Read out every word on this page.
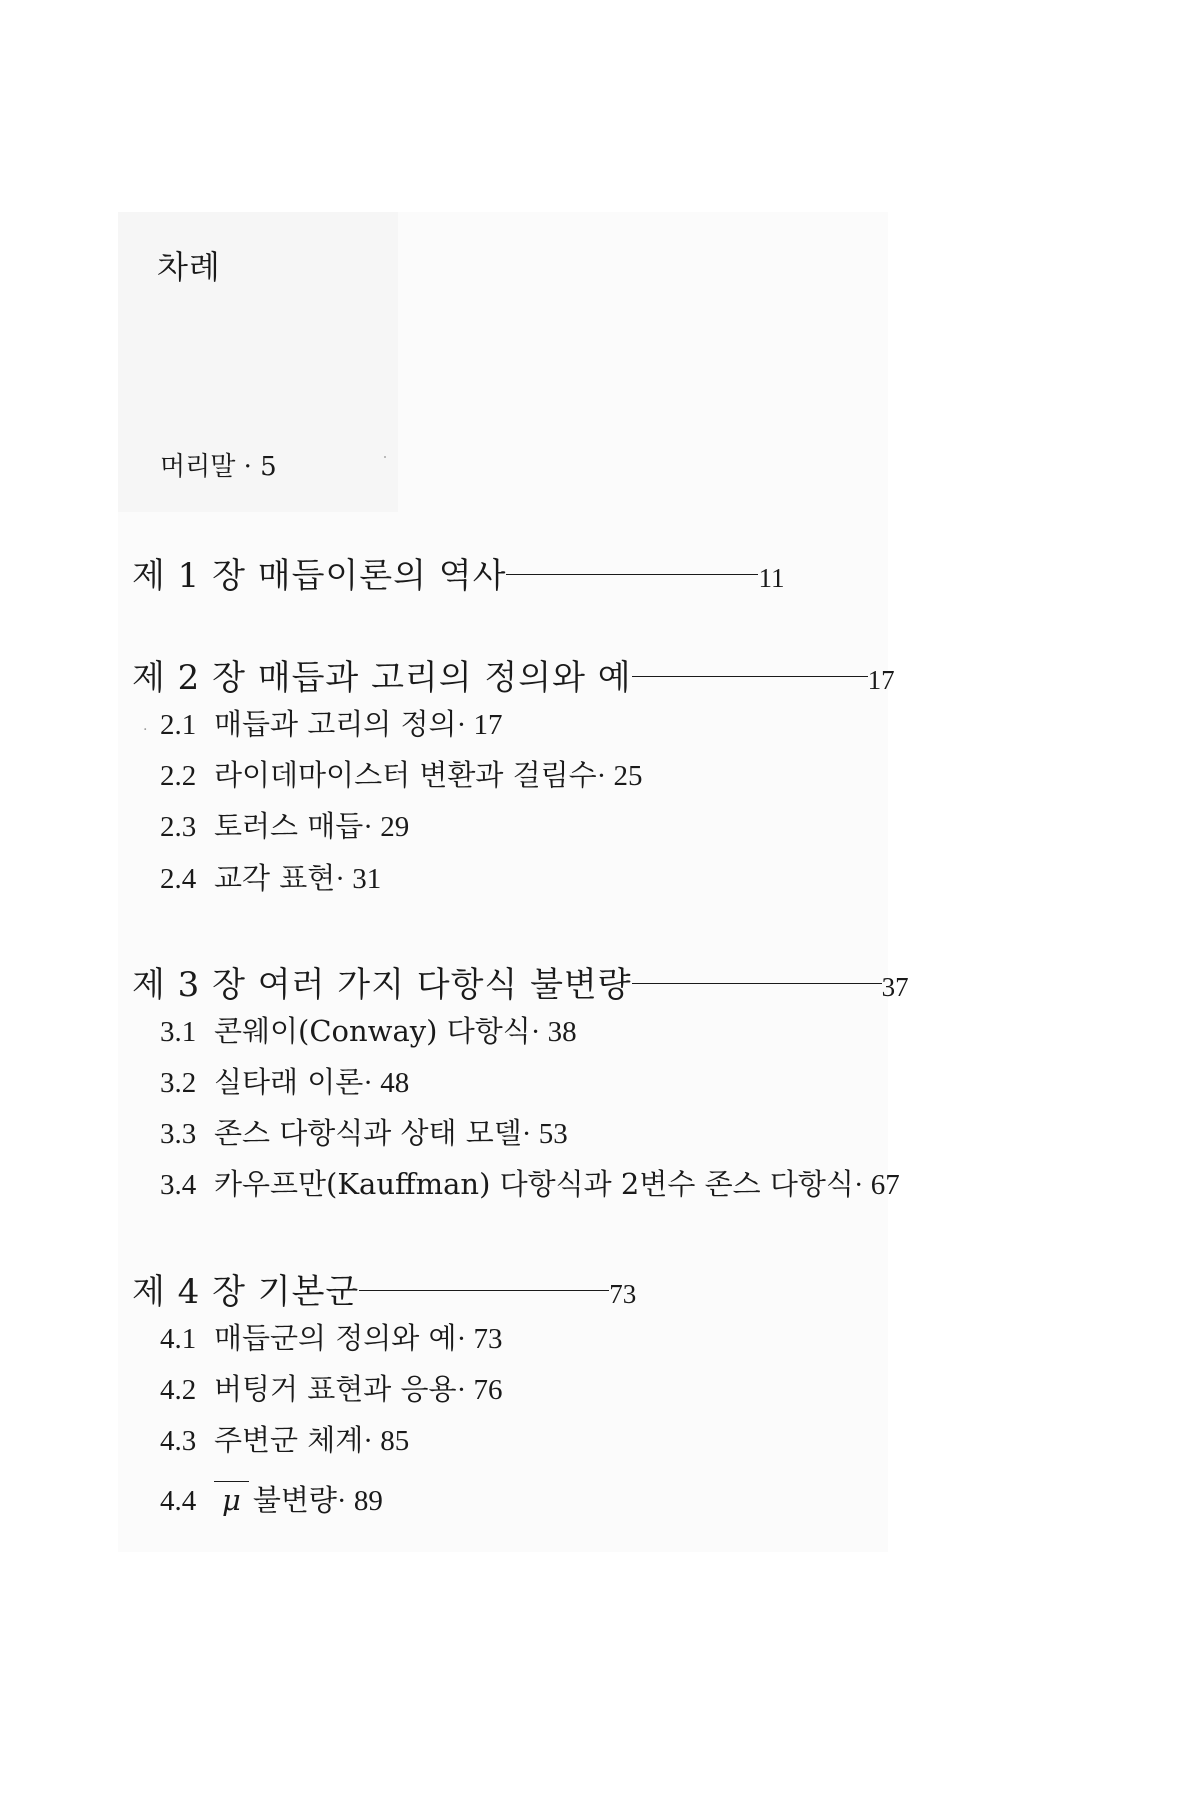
차례
머리말 · 5
제 1 장 매듭이론의 역사	11
제 2 장 매듭과 고리의 정의와 예	17
. 2.1 매듭과 고리의 정의 · 17
2.2 라이데마이스터 변환과 걸림수 · 25
2.3 토러스 매듭 · 29
2.4 교각 표현 · 31
제 3 장 여러 가지 다항식 불변량	37
3.1 콘웨이(Conway) 다항식 · 38
3.2 실타래 이론 · 48
3.3 존스 다항식과 상태 모델 · 53
3.4 카우프만(Kauffman) 다항식과 2변수 존스 다항식 · 67
제 4 장 기본군	73
4.1 매듭군의 정의와 예 · 73
4.2 버팅거 표현과 응용 · 76
4.3 주변군 체계 · 85
4.4 μ 불변량 · 89
